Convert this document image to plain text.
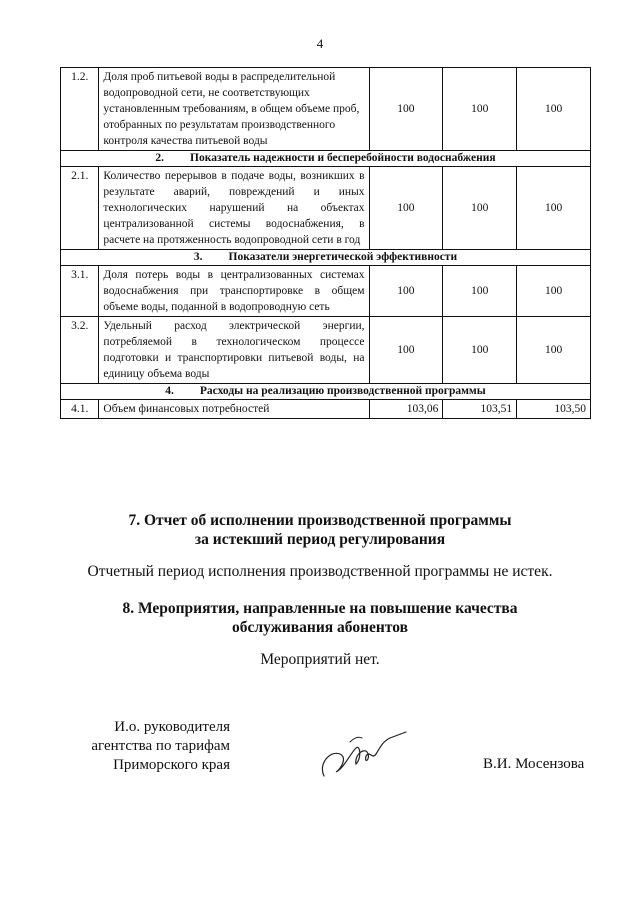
4
1.2.	Доля проб питьевой воды в распределительной водопроводной сети, не соответствующих установленным требованиям, в общем объеме проб, отобранных по результатам производственного контроля качества питьевой воды	100	100	100
2. Показатель надежности и бесперебойности водоснабжения				
2.1.	Количество перерывов в подаче воды, возникших в результате аварий, повреждений и иных технологических нарушений на объектах централизованной системы водоснабжения, в расчете на протяженность водопроводной сети в год	100	100	100
3. Показатели энергетической эффективности				
3.1.	Доля потерь воды в централизованных системах водоснабжения при транспортировке в общем объеме воды, поданной в водопроводную сеть	100	100	100
3.2.	Удельный расход электрической энергии, потребляемой в технологическом процессе подготовки и транспортировки питьевой воды, на единицу объема воды	100	100	100
4. Расходы на реализацию производственной программы				
4.1.	Объем финансовых потребностей	103,06	103,51	103,50
7. Отчет об исполнении производственной программы
за истекший период регулирования
Отчетный период исполнения производственной программы не истек.
8. Мероприятия, направленные на повышение качества
обслуживания абонентов
Мероприятий нет.
И.о. руководителя
агентства по тарифам
Приморского края	В.И. Мосензова
